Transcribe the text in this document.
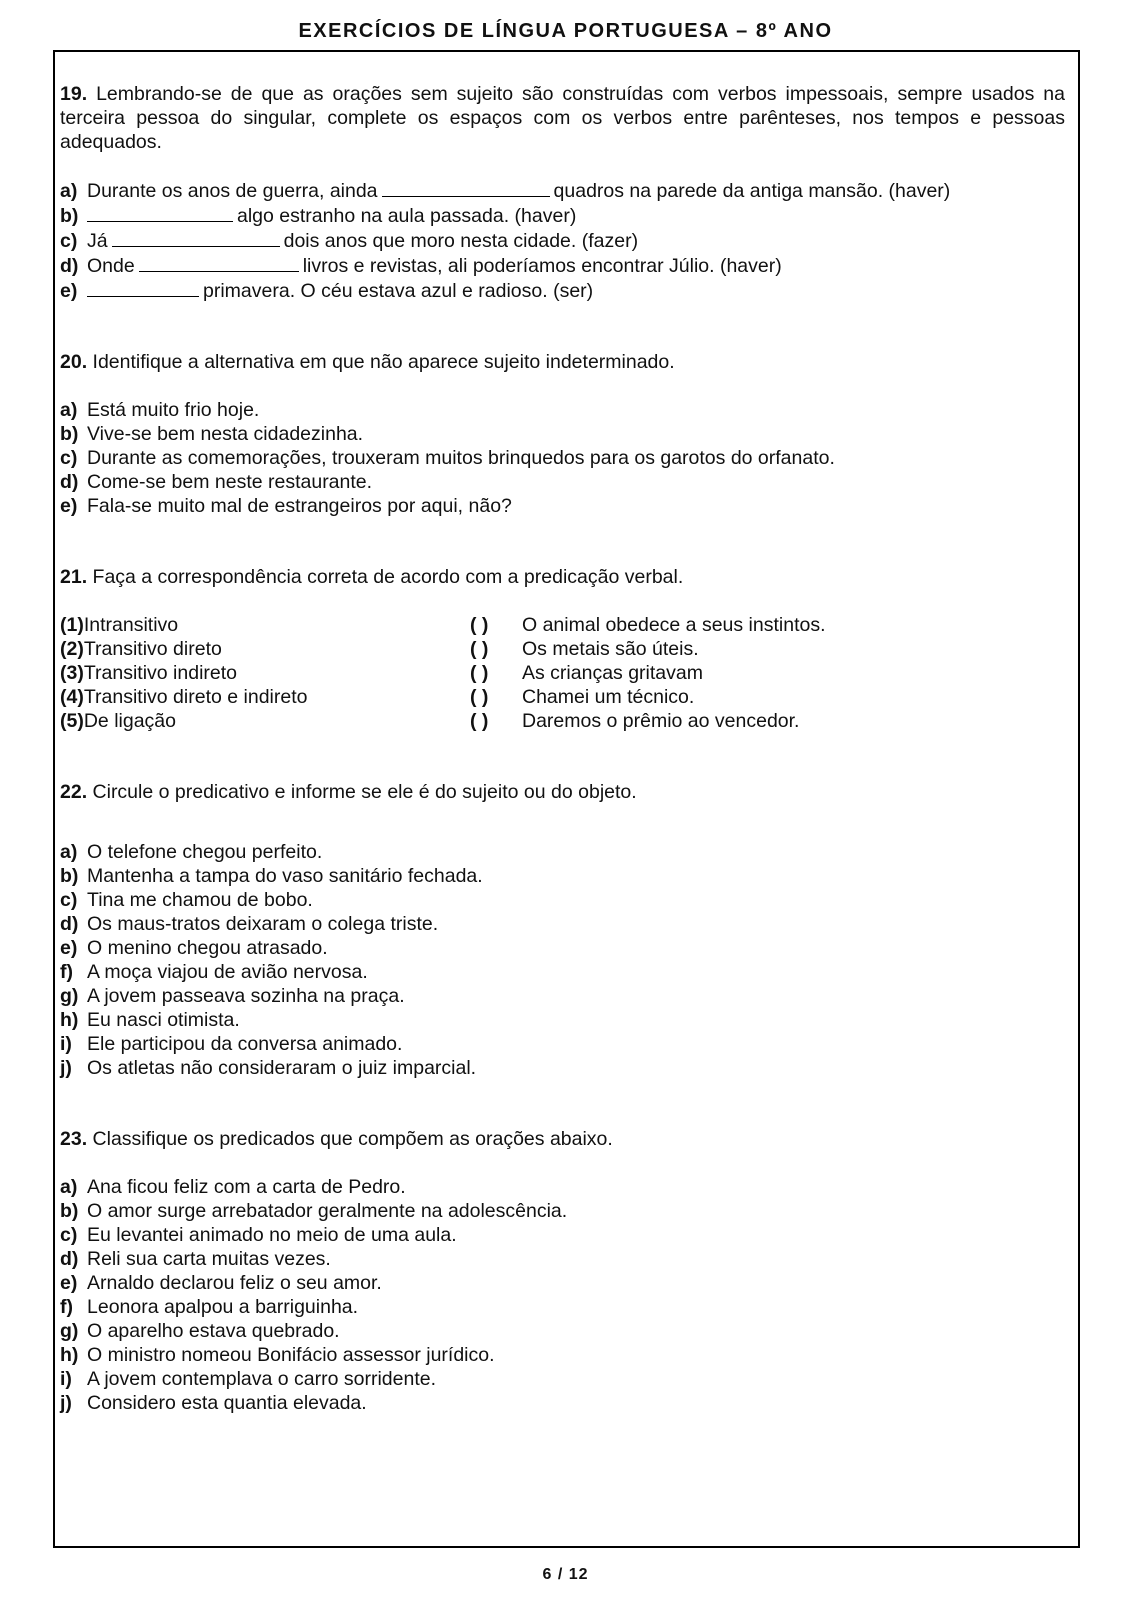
EXERCÍCIOS DE LÍNGUA PORTUGUESA – 8º ANO

19. Lembrando-se de que as orações sem sujeito são construídas com verbos impessoais, sempre usados na terceira pessoa do singular, complete os espaços com os verbos entre parênteses, nos tempos e pessoas adequados.

a) Durante os anos de guerra, ainda	quadros na parede da antiga mansão. (haver)
b)	algo estranho na aula passada. (haver)
c) Já	dois anos que moro nesta cidade. (fazer)
d) Onde	livros e revistas, ali poderíamos encontrar Júlio. (haver)
e)	primavera. O céu estava azul e radioso. (ser)

20. Identifique a alternativa em que não aparece sujeito indeterminado.

a) Está muito frio hoje.
b) Vive-se bem nesta cidadezinha.
c) Durante as comemorações, trouxeram muitos brinquedos para os garotos do orfanato.
d) Come-se bem neste restaurante.
e) Fala-se muito mal de estrangeiros por aqui, não?

21. Faça a correspondência correta de acordo com a predicação verbal.

(1)Intransitivo	( ) O animal obedece a seus instintos.
(2)Transitivo direto	( ) Os metais são úteis.
(3)Transitivo indireto	( ) As crianças gritavam
(4)Transitivo direto e indireto	( ) Chamei um técnico.
(5)De ligação	( ) Daremos o prêmio ao vencedor.

22. Circule o predicativo e informe se ele é do sujeito ou do objeto.

a) O telefone chegou perfeito.
b) Mantenha a tampa do vaso sanitário fechada.
c) Tina me chamou de bobo.
d) Os maus-tratos deixaram o colega triste.
e) O menino chegou atrasado.
f) A moça viajou de avião nervosa.
g) A jovem passeava sozinha na praça.
h) Eu nasci otimista.
i) Ele participou da conversa animado.
j) Os atletas não consideraram o juiz imparcial.

23. Classifique os predicados que compõem as orações abaixo.

a) Ana ficou feliz com a carta de Pedro.
b) O amor surge arrebatador geralmente na adolescência.
c) Eu levantei animado no meio de uma aula.
d) Reli sua carta muitas vezes.
e) Arnaldo declarou feliz o seu amor.
f) Leonora apalpou a barriguinha.
g) O aparelho estava quebrado.
h) O ministro nomeou Bonifácio assessor jurídico.
i) A jovem contemplava o carro sorridente.
j) Considero esta quantia elevada.
6 / 12
